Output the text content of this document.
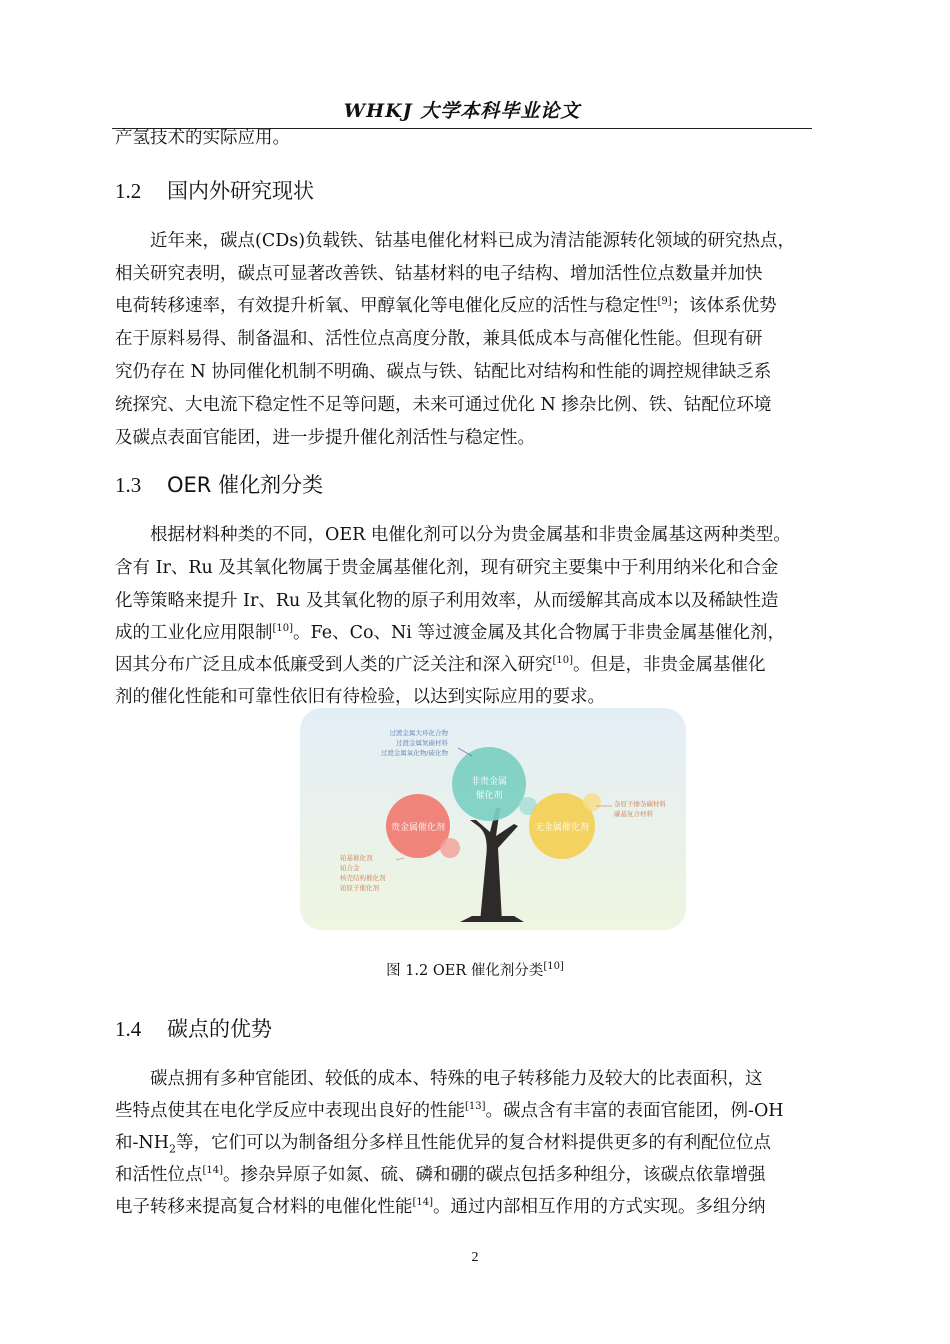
WHKJ 大学本科毕业论文
产氢技术的实际应用。
1.2 国内外研究现状
近年来，碳点(CDs)负载铁、钴基电催化材料已成为清洁能源转化领域的研究热点，
相关研究表明，碳点可显著改善铁、钴基材料的电子结构、增加活性位点数量并加快
电荷转移速率，有效提升析氧、甲醇氧化等电催化反应的活性与稳定性[9]；该体系优势
在于原料易得、制备温和、活性位点高度分散，兼具低成本与高催化性能。但现有研
究仍存在 N 协同催化机制不明确、碳点与铁、钴配比对结构和性能的调控规律缺乏系
统探究、大电流下稳定性不足等问题，未来可通过优化 N 掺杂比例、铁、钴配位环境
及碳点表面官能团，进一步提升催化剂活性与稳定性。
1.3 OER 催化剂分类
根据材料种类的不同，OER 电催化剂可以分为贵金属基和非贵金属基这两种类型。
含有 Ir、Ru 及其氧化物属于贵金属基催化剂，现有研究主要集中于利用纳米化和合金
化等策略来提升 Ir、Ru 及其氧化物的原子利用效率，从而缓解其高成本以及稀缺性造
成的工业化应用限制[10]。Fe、Co、Ni 等过渡金属及其化合物属于非贵金属基催化剂，
因其分布广泛且成本低廉受到人类的广泛关注和深入研究[10]。但是，非贵金属基催化
剂的催化性能和可靠性依旧有待检验，以达到实际应用的要求。
贵金属催化剂
非贵金属
催化剂
无金属催化剂
过渡金属大环化合物
过渡金属氮碳材料
过渡金属氧化物/硫化物
杂原子掺杂碳材料
碳基复合材料
铂基催化剂
铂合金
核壳结构催化剂
铂原子催化剂
图 1.2 OER 催化剂分类[10]
1.4 碳点的优势
碳点拥有多种官能团、较低的成本、特殊的电子转移能力及较大的比表面积，这
些特点使其在电化学反应中表现出良好的性能[13]。碳点含有丰富的表面官能团，例-OH
和$-NH_2$等，它们可以为制备组分多样且性能优异的复合材料提供更多的有利配位位点
和活性位点[14]。掺杂异原子如氮、硫、磷和硼的碳点包括多种组分，该碳点依靠增强
电子转移来提高复合材料的电催化性能[14]。通过内部相互作用的方式实现。多组分纳
2
